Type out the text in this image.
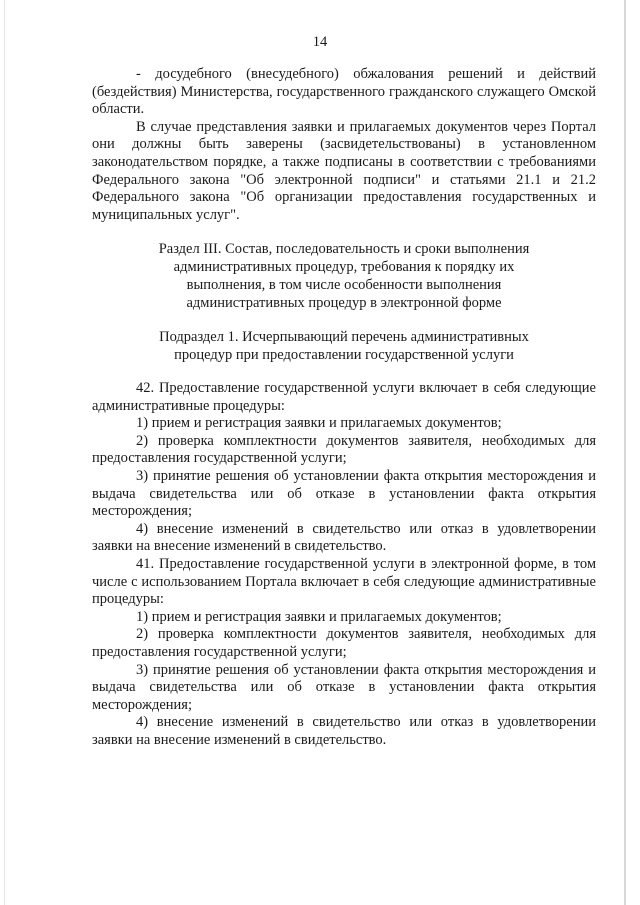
14

- досудебного (внесудебного) обжалования решений и действий (бездействия) Министерства, государственного гражданского служащего Омской области.

В случае представления заявки и прилагаемых документов через Портал они должны быть заверены (засвидетельствованы) в установленном законодательством порядке, а также подписаны в соответствии с требованиями Федерального закона "Об электронной подписи" и статьями 21.1 и 21.2 Федерального закона "Об организации предоставления государственных и муниципальных услуг".

Раздел III. Состав, последовательность и сроки выполнения
административных процедур, требования к порядку их
выполнения, в том числе особенности выполнения
административных процедур в электронной форме
Подраздел 1. Исчерпывающий перечень административных
процедур при предоставлении государственной услуги

42. Предоставление государственной услуги включает в себя следующие административные процедуры:

1) прием и регистрация заявки и прилагаемых документов;

2) проверка комплектности документов заявителя, необходимых для предоставления государственной услуги;

3) принятие решения об установлении факта открытия месторождения и выдача свидетельства или об отказе в установлении факта открытия месторождения;

4) внесение изменений в свидетельство или отказ в удовлетворении заявки на внесение изменений в свидетельство.

41. Предоставление государственной услуги в электронной форме, в том числе с использованием Портала включает в себя следующие административные процедуры:

1) прием и регистрация заявки и прилагаемых документов;

2) проверка комплектности документов заявителя, необходимых для предоставления государственной услуги;

3) принятие решения об установлении факта открытия месторождения и выдача свидетельства или об отказе в установлении факта открытия месторождения;

4) внесение изменений в свидетельство или отказ в удовлетворении заявки на внесение изменений в свидетельство.
